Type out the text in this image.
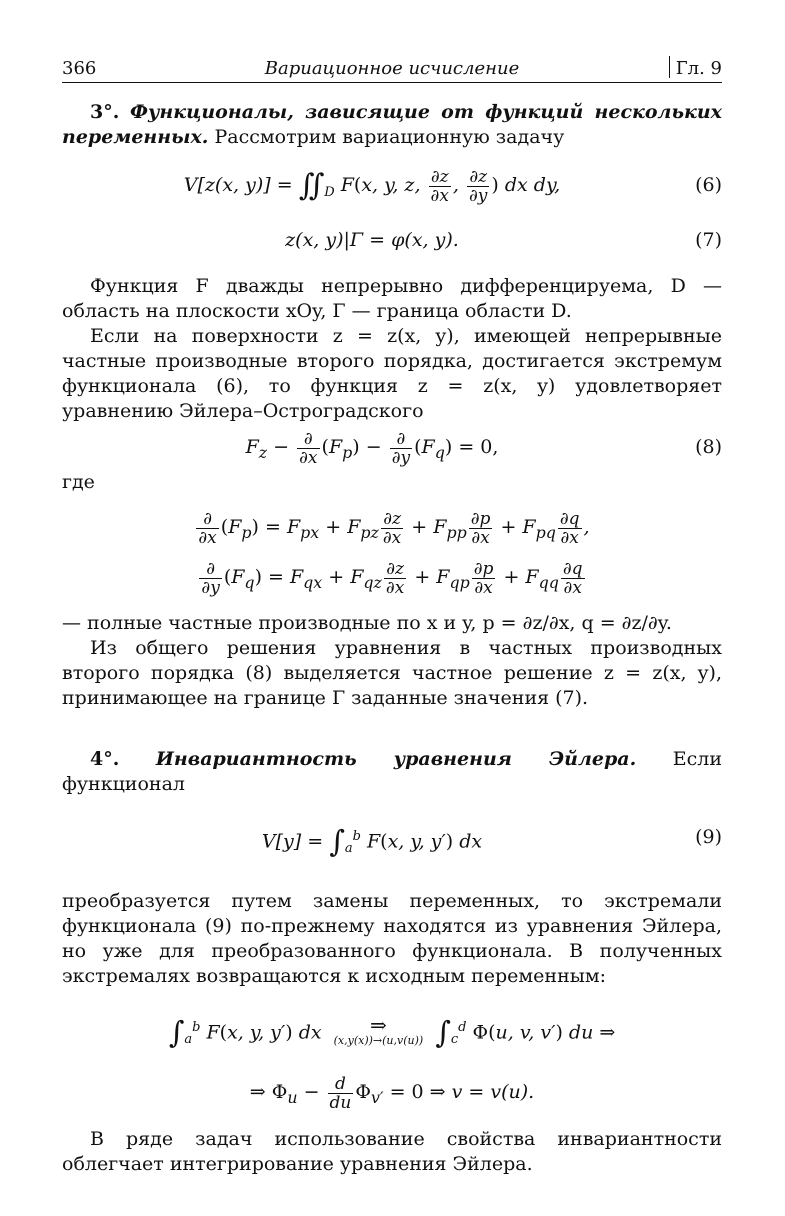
366	Вариационное исчисление	Гл. 9

3°. Функционалы, зависящие от функций нескольких переменных. Рассмотрим вариационную задачу

V[z(x, $y)] = ∬_D$ F(x, y, z, $\frac{\partial z}{\partial x}$ , $\frac{\partial z}{\partial y}$ ) dx dy,	(6)
z(x, y)|Γ = φ(x, y).	(7)

Функция F дважды непрерывно дифференцируема, D — область на плоскости xOy, Γ — граница области D.

Если на поверхности z = z(x, y), имеющей непрерывные частные производные второго порядка, достигается экстремум функционала (6), то функция z = z(x, y) удовлетворяет уравнению Эйлера–Остроградского

$F_z - \frac{\partial}{\partial x} (F_p) - \frac{\partial}{\partial y} (F_q) = 0$,	(8)

где

$\frac{\partial}{\partial x} (F_p) = F_{px} + F_{pz} \frac{\partial z}{\partial x} + F_{pp} \frac{\partial p}{\partial x} + F_{pq} \frac{\partial q}{\partial x}$ ,
$\frac{\partial}{\partial y} (F_q) = F_{qx} + F_{qz} \frac{\partial z}{\partial x} + F_{qp} \frac{\partial p}{\partial x} + F_{qq} \frac{\partial q}{\partial x}$

— полные частные производные по x и y, p = ∂z/∂x, q = ∂z/∂y.

Из общего решения уравнения в частных производных второго порядка (8) выделяется частное решение z = z(x, y), принимающее на границе Γ заданные значения (7).

4°. Инвариантность уравнения Эйлера. Если функционал

$V[y] = \int_a^b$ F(x, y, y′) dx	(9)

преобразуется путем замены переменных, то экстремали функционала (9) по-прежнему находятся из уравнения Эйлера, но уже для преобразованного функционала. В полученных экстремалях возвращаются к исходным переменным:

$\int_a^b$ F(x, y, y′) dx	⇒
(x,y(x))→(u,v(u)) $\int_c^d$ Φ(u, v, v′) du ⇒
⇒ $\Phi_u - \frac{d}{du} \Phi_{v'} = 0$ ⇒ v = v(u).

В ряде задач использование свойства инвариантности облегчает интегрирование уравнения Эйлера.
